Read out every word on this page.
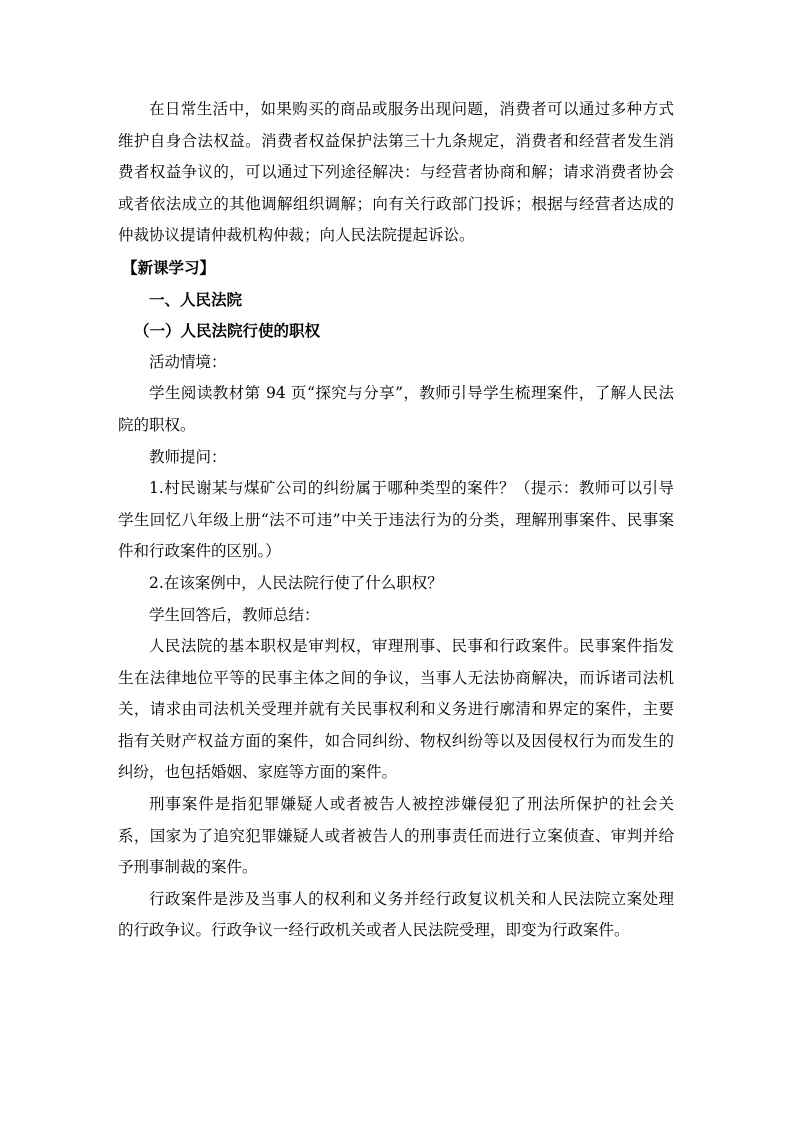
在日常生活中，如果购买的商品或服务出现问题，消费者可以通过多种方式维护自身合法权益。消费者权益保护法第三十九条规定，消费者和经营者发生消费者权益争议的，可以通过下列途径解决：与经营者协商和解；请求消费者协会或者依法成立的其他调解组织调解；向有关行政部门投诉；根据与经营者达成的仲裁协议提请仲裁机构仲裁；向人民法院提起诉讼。

【新课学习】

一、人民法院

（一）人民法院行使的职权

活动情境：

学生阅读教材第 94 页“探究与分享”，教师引导学生梳理案件，了解人民法院的职权。

教师提问：

1.村民谢某与煤矿公司的纠纷属于哪种类型的案件？（提示：教师可以引导学生回忆八年级上册“法不可违”中关于违法行为的分类，理解刑事案件、民事案件和行政案件的区别。）

2.在该案例中，人民法院行使了什么职权？

学生回答后，教师总结：

人民法院的基本职权是审判权，审理刑事、民事和行政案件。民事案件指发生在法律地位平等的民事主体之间的争议，当事人无法协商解决，而诉诸司法机关，请求由司法机关受理并就有关民事权利和义务进行廓清和界定的案件，主要指有关财产权益方面的案件，如合同纠纷、物权纠纷等以及因侵权行为而发生的纠纷，也包括婚姻、家庭等方面的案件。

刑事案件是指犯罪嫌疑人或者被告人被控涉嫌侵犯了刑法所保护的社会关系，国家为了追究犯罪嫌疑人或者被告人的刑事责任而进行立案侦查、审判并给予刑事制裁的案件。

行政案件是涉及当事人的权利和义务并经行政复议机关和人民法院立案处理的行政争议。行政争议一经行政机关或者人民法院受理，即变为行政案件。
